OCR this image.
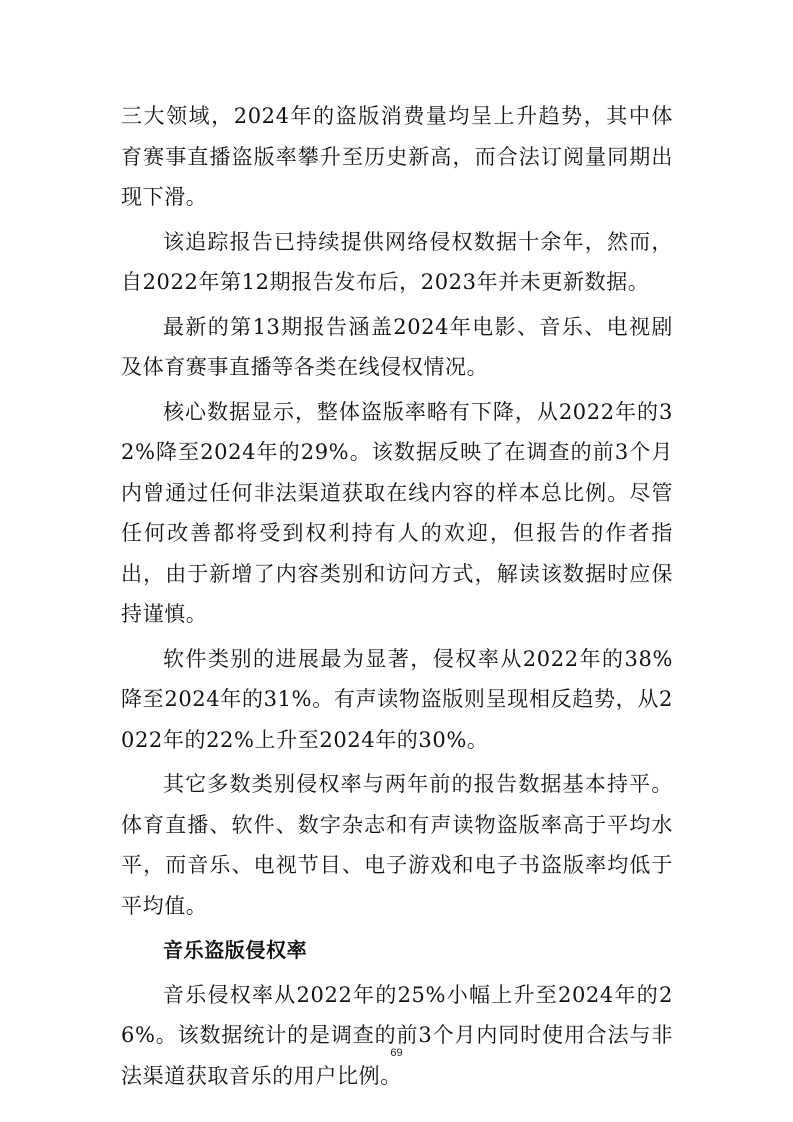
三大领域，2024年的盗版消费量均呈上升趋势，其中体育赛事直播盗版率攀升至历史新高，而合法订阅量同期出现下滑。

该追踪报告已持续提供网络侵权数据十余年，然而，自2022年第12期报告发布后，2023年并未更新数据。

最新的第13期报告涵盖2024年电影、音乐、电视剧及体育赛事直播等各类在线侵权情况。

核心数据显示，整体盗版率略有下降，从2022年的32%降至2024年的29%。该数据反映了在调查的前3个月内曾通过任何非法渠道获取在线内容的样本总比例。尽管任何改善都将受到权利持有人的欢迎，但报告的作者指出，由于新增了内容类别和访问方式，解读该数据时应保持谨慎。

软件类别的进展最为显著，侵权率从2022年的38%降至2024年的31%。有声读物盗版则呈现相反趋势，从2022年的22%上升至2024年的30%。

其它多数类别侵权率与两年前的报告数据基本持平。体育直播、软件、数字杂志和有声读物盗版率高于平均水平，而音乐、电视节目、电子游戏和电子书盗版率均低于平均值。

音乐盗版侵权率

音乐侵权率从2022年的25%小幅上升至2024年的26%。该数据统计的是调查的前3个月内同时使用合法与非法渠道获取音乐的用户比例。

69
